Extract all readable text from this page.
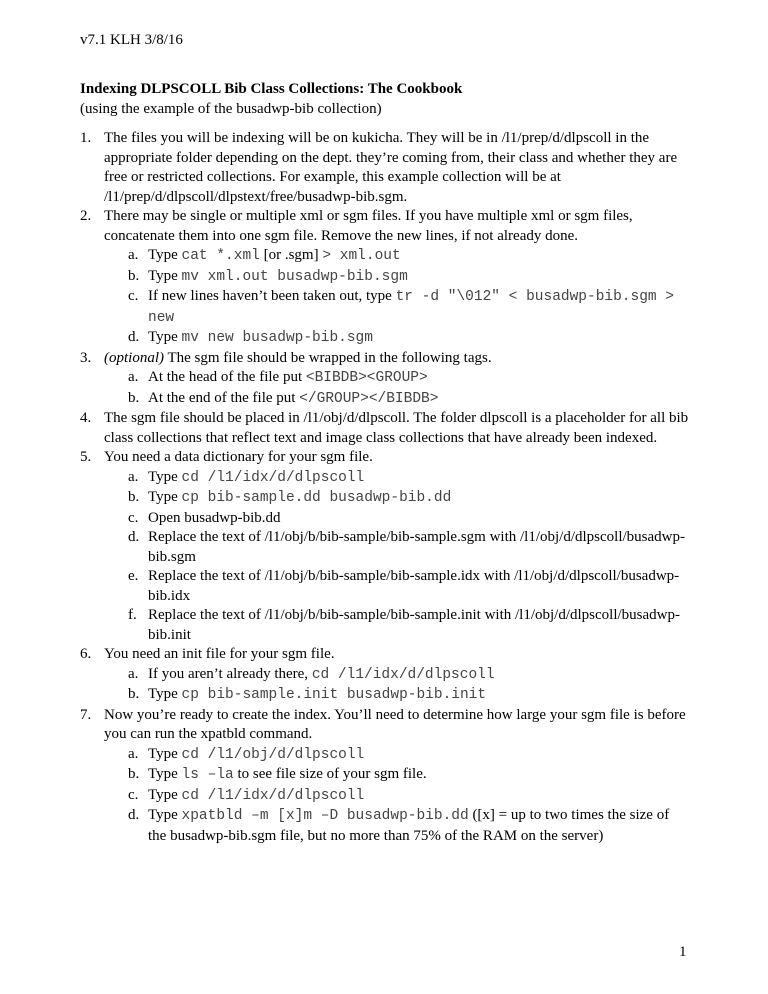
v7.1 KLH 3/8/16
Indexing DLPSCOLL Bib Class Collections: The Cookbook
(using the example of the busadwp-bib collection)
1. The files you will be indexing will be on kukicha. They will be in /l1/prep/d/dlpscoll in the appropriate folder depending on the dept. they’re coming from, their class and whether they are free or restricted collections. For example, this example collection will be at /l1/prep/d/dlpscoll/dlpstext/free/busadwp-bib.sgm.
2. There may be single or multiple xml or sgm files. If you have multiple xml or sgm files, concatenate them into one sgm file. Remove the new lines, if not already done.
a. Type cat *.xml [or .sgm] > xml.out
b. Type mv xml.out busadwp-bib.sgm
c. If new lines haven’t been taken out, type tr -d "\012" < busadwp-bib.sgm > new
d. Type mv new busadwp-bib.sgm
3. (optional) The sgm file should be wrapped in the following tags.
a. At the head of the file put <BIBDB><GROUP>
b. At the end of the file put </GROUP></BIBDB>
4. The sgm file should be placed in /l1/obj/d/dlpscoll. The folder dlpscoll is a placeholder for all bib class collections that reflect text and image class collections that have already been indexed.
5. You need a data dictionary for your sgm file.
a. Type cd /l1/idx/d/dlpscoll
b. Type cp bib-sample.dd busadwp-bib.dd
c. Open busadwp-bib.dd
d. Replace the text of /l1/obj/b/bib-sample/bib-sample.sgm with /l1/obj/d/dlpscoll/busadwp-bib.sgm
e. Replace the text of /l1/obj/b/bib-sample/bib-sample.idx with /l1/obj/d/dlpscoll/busadwp-bib.idx
f. Replace the text of /l1/obj/b/bib-sample/bib-sample.init with /l1/obj/d/dlpscoll/busadwp-bib.init
6. You need an init file for your sgm file.
a. If you aren’t already there, cd /l1/idx/d/dlpscoll
b. Type cp bib-sample.init busadwp-bib.init
7. Now you’re ready to create the index. You’ll need to determine how large your sgm file is before you can run the xpatbld command.
a. Type cd /l1/obj/d/dlpscoll
b. Type ls –la to see file size of your sgm file.
c. Type cd /l1/idx/d/dlpscoll
d. Type xpatbld –m [x]m –D busadwp-bib.dd ([x] = up to two times the size of the busadwp-bib.sgm file, but no more than 75% of the RAM on the server)
1
